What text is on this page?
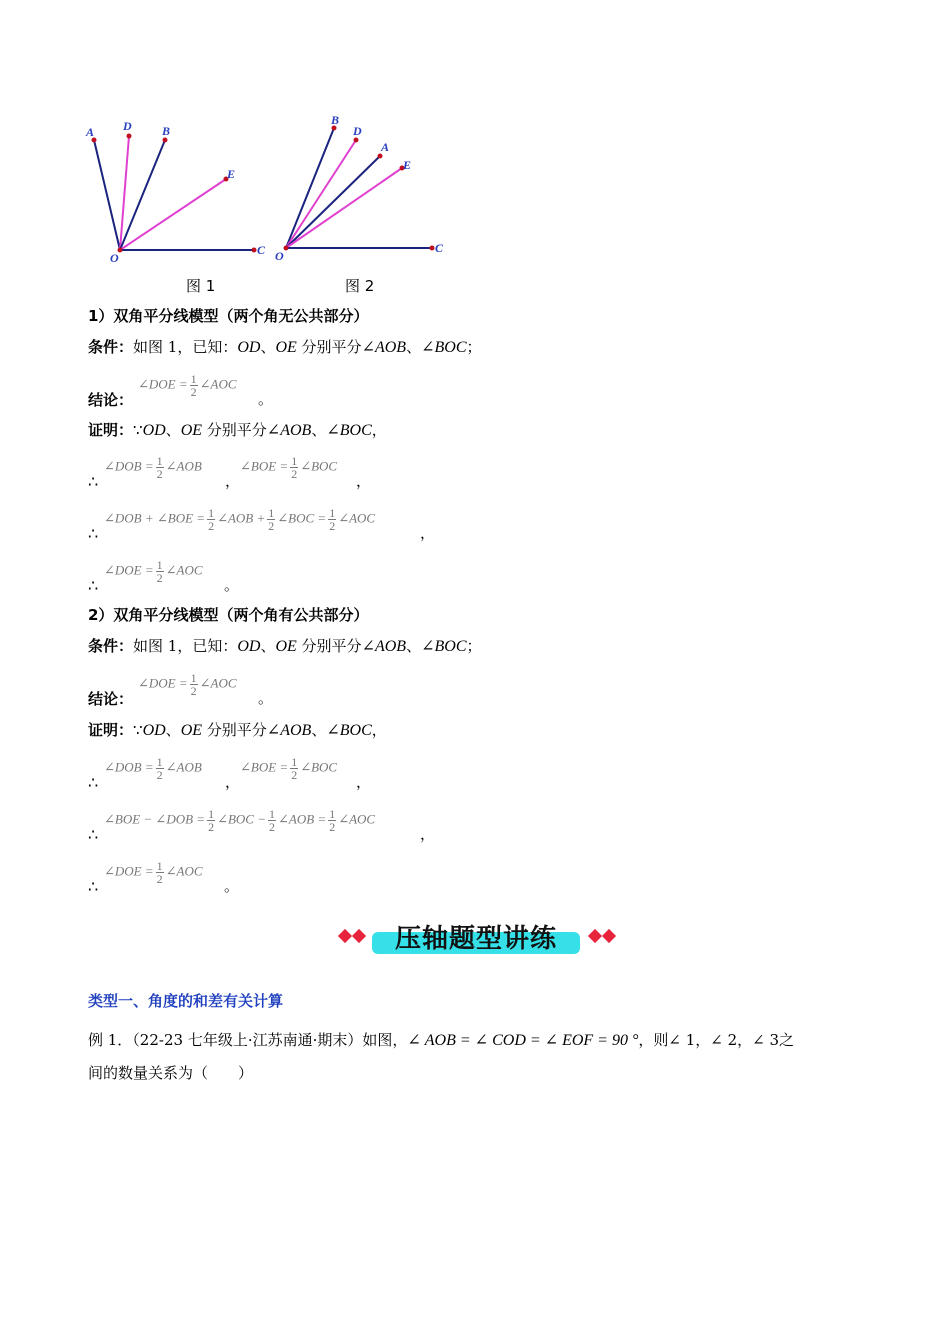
A D	B
E
O
C
B
D
A
E
O
C
图 1	图 2
1）双角平分线模型（两个角无公共部分）
条件：如图 1，已知：OD、OE 分别平分∠AOB、∠BOC；
结论：
∠DOE = $\frac{1}{2}$ ∠AOC
。
证明：∵OD、OE 分别平分∠AOB、∠BOC，
∴
∠DOB = $\frac{1}{2}$ ∠AOB
，
∠BOE = $\frac{1}{2}$ ∠BOC
，
∴
∠DOB + ∠BOE = $\frac{1}{2}$ ∠AOB + $\frac{1}{2}$ ∠BOC = $\frac{1}{2}$ ∠AOC
，
∴
∠DOE = $\frac{1}{2}$ ∠AOC
。
2）双角平分线模型（两个角有公共部分）
条件：如图 1，已知：OD、OE 分别平分∠AOB、∠BOC；
结论：
∠DOE = $\frac{1}{2}$ ∠AOC
。
证明：∵OD、OE 分别平分∠AOB、∠BOC，
∴
∠DOB = $\frac{1}{2}$ ∠AOB
，
∠BOE = $\frac{1}{2}$ ∠BOC
，
∴
∠BOE − ∠DOB = $\frac{1}{2}$ ∠BOC − $\frac{1}{2}$ ∠AOB = $\frac{1}{2}$ ∠AOC
，
∴
∠DOE = $\frac{1}{2}$ ∠AOC
。
压轴题型讲练
类型一、角度的和差有关计算
例 1．（22-23 七年级上·江苏南通·期末）如图，∠ AOB = ∠ COD = ∠ EOF = 90 °，则∠ 1，∠ 2，∠ 3之
间的数量关系为（　　）
